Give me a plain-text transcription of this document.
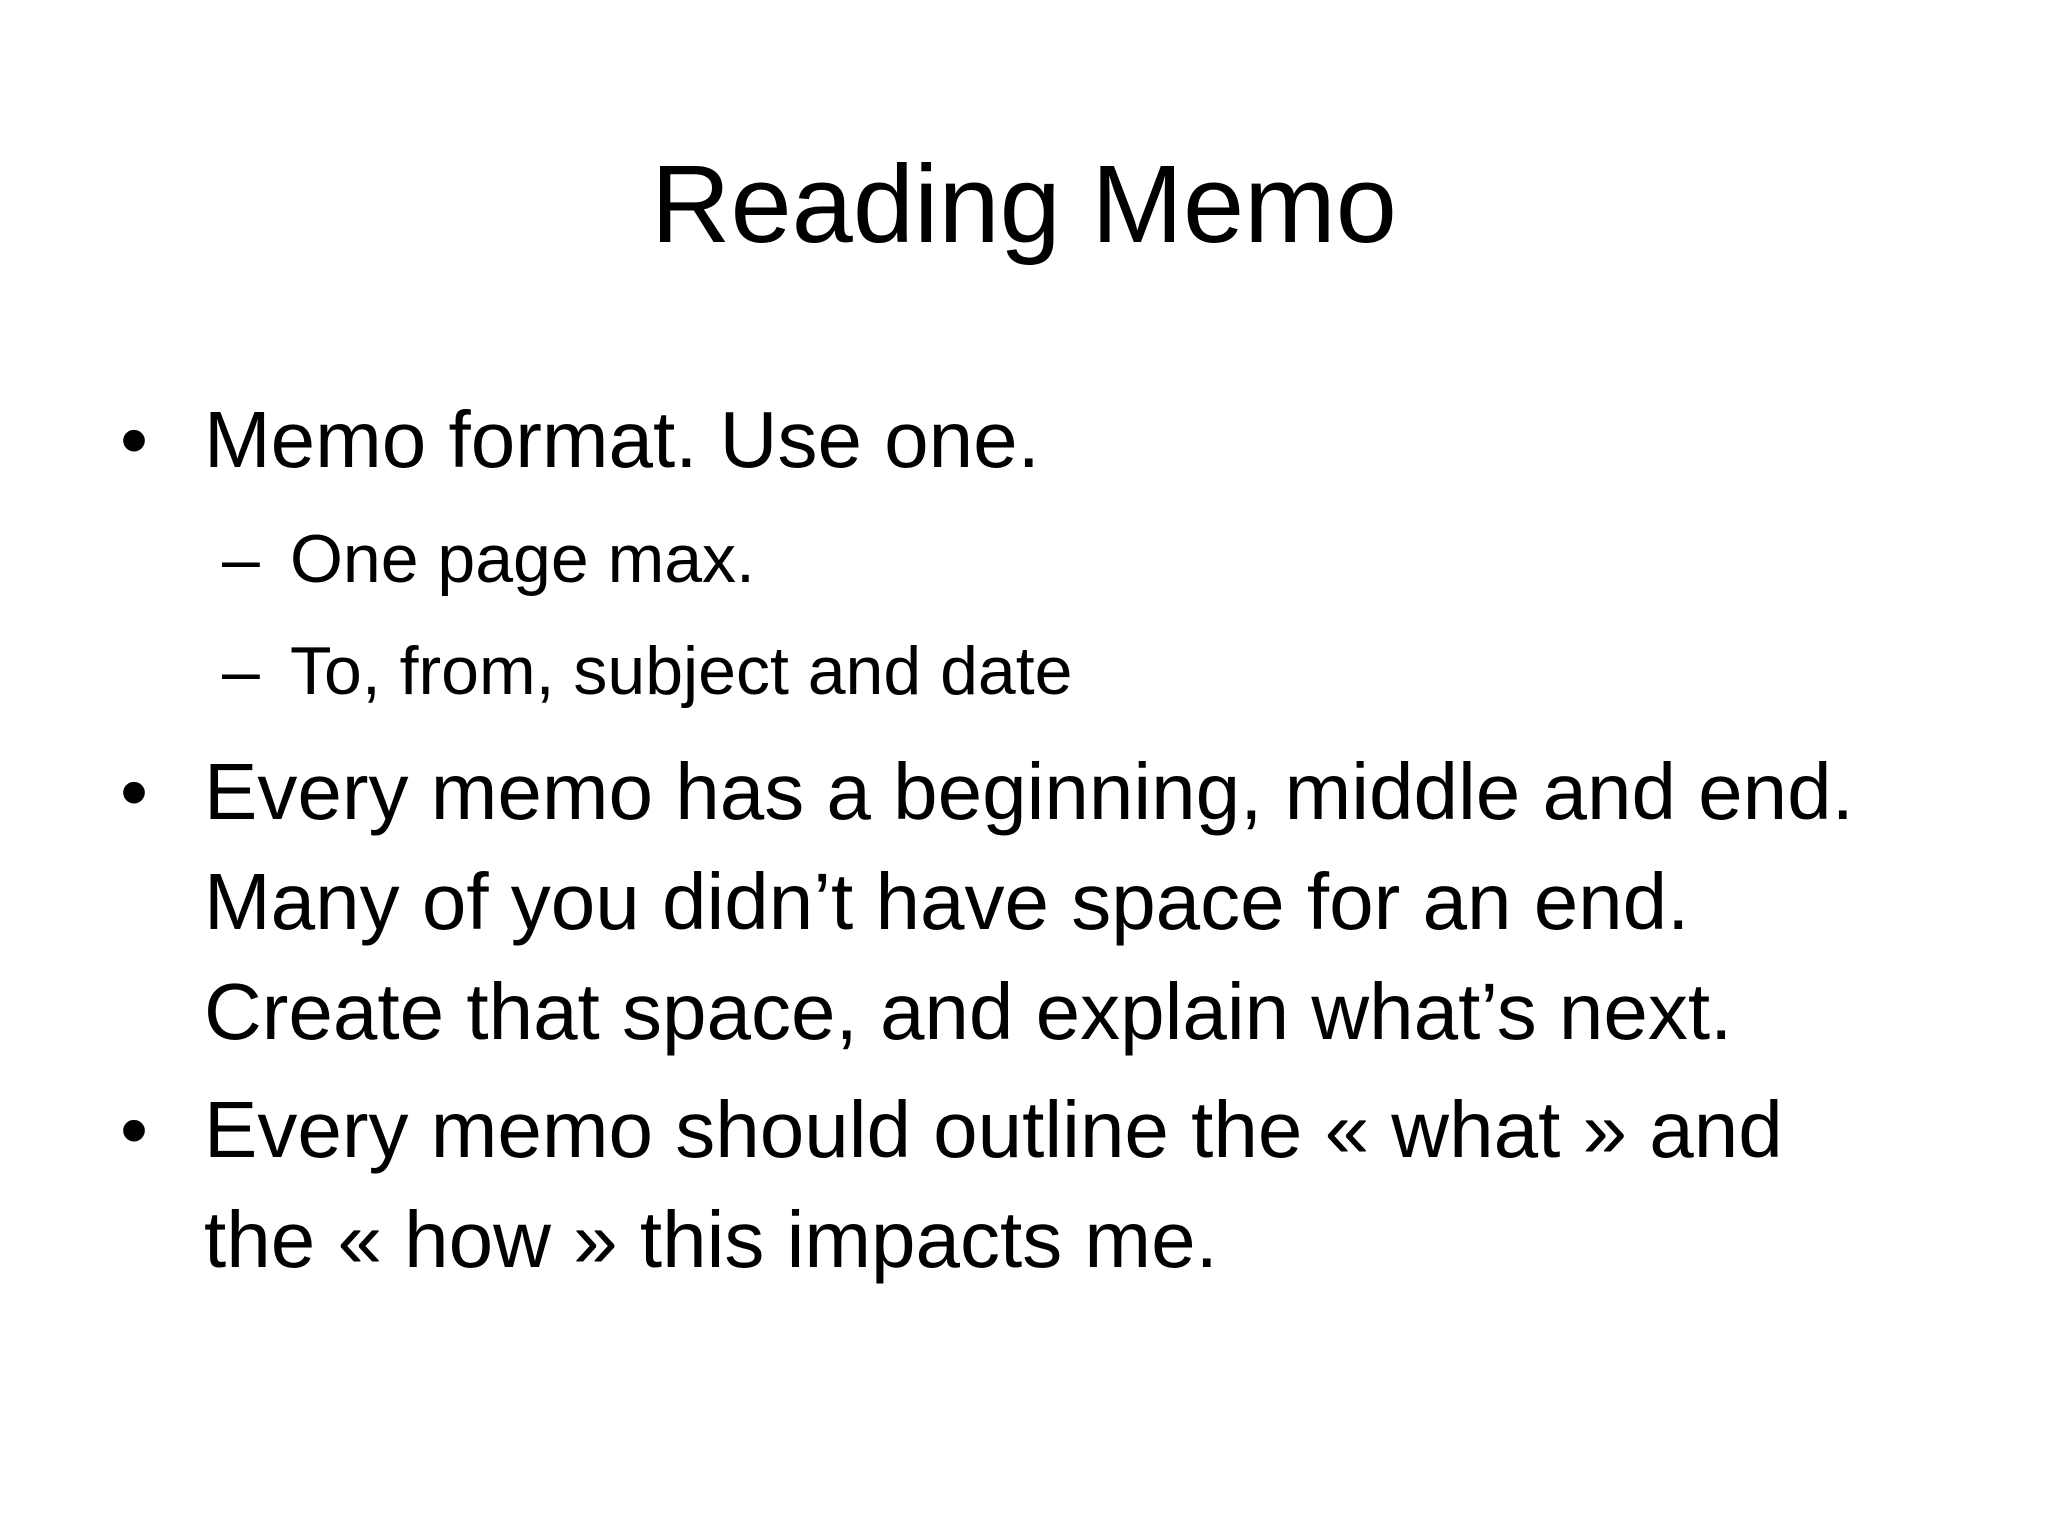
Reading Memo
• Memo format. Use one.
– One page max.
– To, from, subject and date
• Every memo has a beginning, middle and end.
Many of you didn’t have space for an end.
Create that space, and explain what’s next.
• Every memo should outline the « what » and
the « how » this impacts me.
